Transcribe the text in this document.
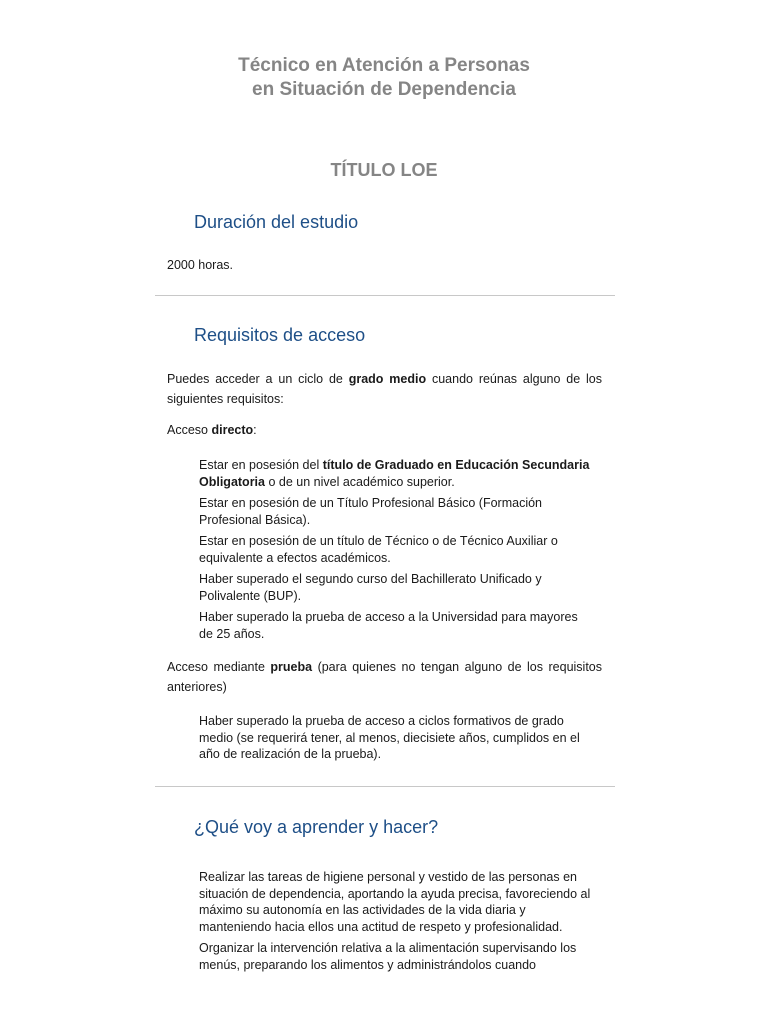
Técnico en Atención a Personas en Situación de Dependencia
TÍTULO LOE
Duración del estudio

2000 horas.

Requisitos de acceso

Puedes acceder a un ciclo de grado medio cuando reúnas alguno de los siguientes requisitos:

Acceso directo:

Estar en posesión del título de Graduado en Educación Secundaria Obligatoria o de un nivel académico superior.
Estar en posesión de un Título Profesional Básico (Formación Profesional Básica).
Estar en posesión de un título de Técnico o de Técnico Auxiliar o equivalente a efectos académicos.
Haber superado el segundo curso del Bachillerato Unificado y Polivalente (BUP).
Haber superado la prueba de acceso a la Universidad para mayores de 25 años.

Acceso mediante prueba (para quienes no tengan alguno de los requisitos anteriores)

Haber superado la prueba de acceso a ciclos formativos de grado medio (se requerirá tener, al menos, diecisiete años, cumplidos en el año de realización de la prueba).
¿Qué voy a aprender y hacer?
Realizar las tareas de higiene personal y vestido de las personas en situación de dependencia, aportando la ayuda precisa, favoreciendo al máximo su autonomía en las actividades de la vida diaria y manteniendo hacia ellos una actitud de respeto y profesionalidad.
Organizar la intervención relativa a la alimentación supervisando los menús, preparando los alimentos y administrándolos cuando
